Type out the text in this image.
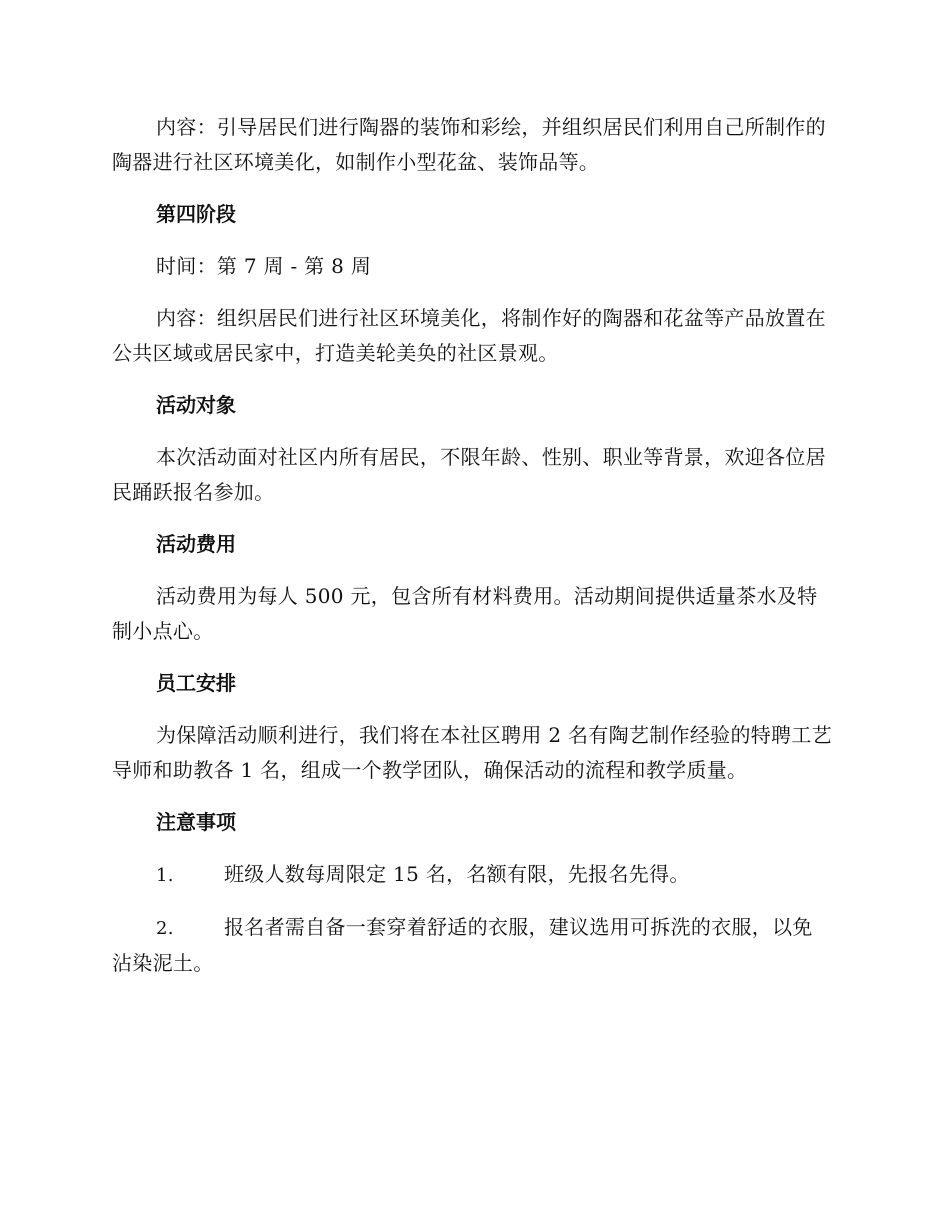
内容：引导居民们进行陶器的装饰和彩绘，并组织居民们利用自己所制作的陶器进行社区环境美化，如制作小型花盆、装饰品等。

第四阶段

时间：第 7 周 - 第 8 周

内容：组织居民们进行社区环境美化，将制作好的陶器和花盆等产品放置在公共区域或居民家中，打造美轮美奂的社区景观。

活动对象

本次活动面对社区内所有居民，不限年龄、性别、职业等背景，欢迎各位居民踊跃报名参加。

活动费用

活动费用为每人 500 元，包含所有材料费用。活动期间提供适量茶水及特制小点心。

员工安排

为保障活动顺利进行，我们将在本社区聘用 2 名有陶艺制作经验的特聘工艺导师和助教各 1 名，组成一个教学团队，确保活动的流程和教学质量。

注意事项

1.	班级人数每周限定 15 名，名额有限，先报名先得。

2.	报名者需自备一套穿着舒适的衣服，建议选用可拆洗的衣服，以免沾染泥土。
